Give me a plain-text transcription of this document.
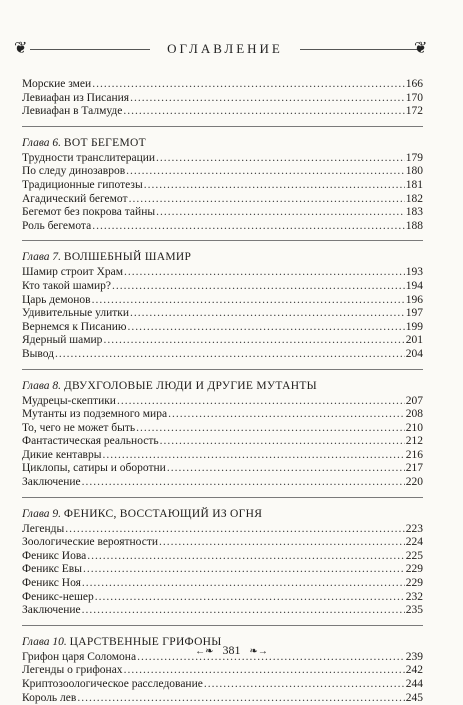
❦	ОГЛАВЛЕНИЕ	❦
Морские змеи .....	166
Левиафан из Писания .....	170
Левиафан в Талмуде .....	172
Глава 6. ВОТ БЕГЕМОТ
Трудности транслитерации .....	179
По следу динозавров .....	180
Традиционные гипотезы .....	181
Агадический бегемот .....	182
Бегемот без покрова тайны .....	183
Роль бегемота .....	188
Глава 7. ВОЛШЕБНЫЙ ШАМИР
Шамир строит Храм .....	193
Кто такой шамир? .....	194
Царь демонов .....	196
Удивительные улитки .....	197
Вернемся к Писанию .....	199
Ядерный шамир .....	201
Вывод .....	204
Глава 8. ДВУХГОЛОВЫЕ ЛЮДИ И ДРУГИЕ МУТАНТЫ
Мудрецы-скептики .....	207
Мутанты из подземного мира .....	208
То, чего не может быть .....	210
Фантастическая реальность .....	212
Дикие кентавры .....	216
Циклопы, сатиры и оборотни .....	217
Заключение .....	220
Глава 9. ФЕНИКС, ВОССТАЮЩИЙ ИЗ ОГНЯ
Легенды .....	223
Зоологические вероятности .....	224
Феникс Иова .....	225
Феникс Евы .....	229
Феникс Ноя .....	229
Феникс-нешер .....	232
Заключение .....	235
Глава 10. ЦАРСТВЕННЫЕ ГРИФОНЫ
Грифон царя Соломона .....	239
Легенды о грифонах .....	242
Криптозоологическое расследование .....	244
Король лев .....	245
←❧ 381 ❧→
